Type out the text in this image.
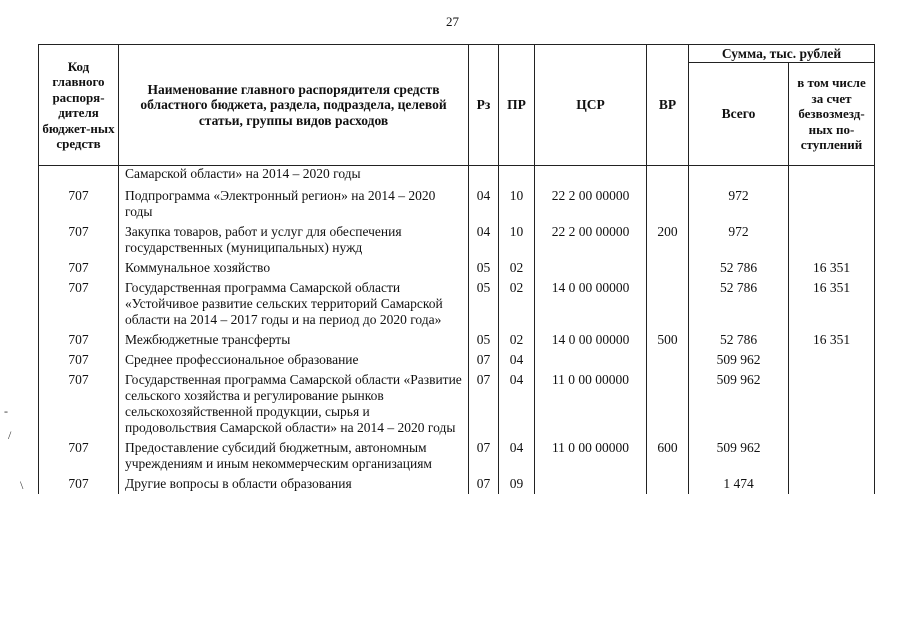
27
Код главного распоря-дителя бюджет-ных средств	Наименование главного распорядителя средств областного бюджета, раздела, подраздела, целевой статьи, группы видов расходов	Рз	ПР	ЦСР	ВР	Сумма, тыс. рублей	
						Всего	в том числе за счет безвозмезд-ных по-ступлений
	Самарской области» на 2014 – 2020 годы						
707	Подпрограмма «Электронный регион» на 2014 – 2020 годы	04	10	22 2 00 00000		972	
707	Закупка товаров, работ и услуг для обеспечения государственных (муниципальных) нужд	04	10	22 2 00 00000	200	972	
707	Коммунальное хозяйство	05	02			52 786	16 351
707	Государственная программа Самарской области «Устойчивое развитие сельских территорий Самарской области на 2014 – 2017 годы и на период до 2020 года»	05	02	14 0 00 00000		52 786	16 351
707	Межбюджетные трансферты	05	02	14 0 00 00000	500	52 786	16 351
707	Среднее профессиональное образование	07	04			509 962	
707	Государственная программа Самарской области «Развитие сельского хозяйства и регулирование рынков сельскохозяйственной продукции, сырья и продовольствия Самарской области» на 2014 – 2020 годы	07	04	11 0 00 00000		509 962	
707	Предоставление субсидий бюджетным, автономным учреждениям и иным некоммерческим организациям	07	04	11 0 00 00000	600	509 962	
707	Другие вопросы в области образования	07	09			1 474	
-
/
\
